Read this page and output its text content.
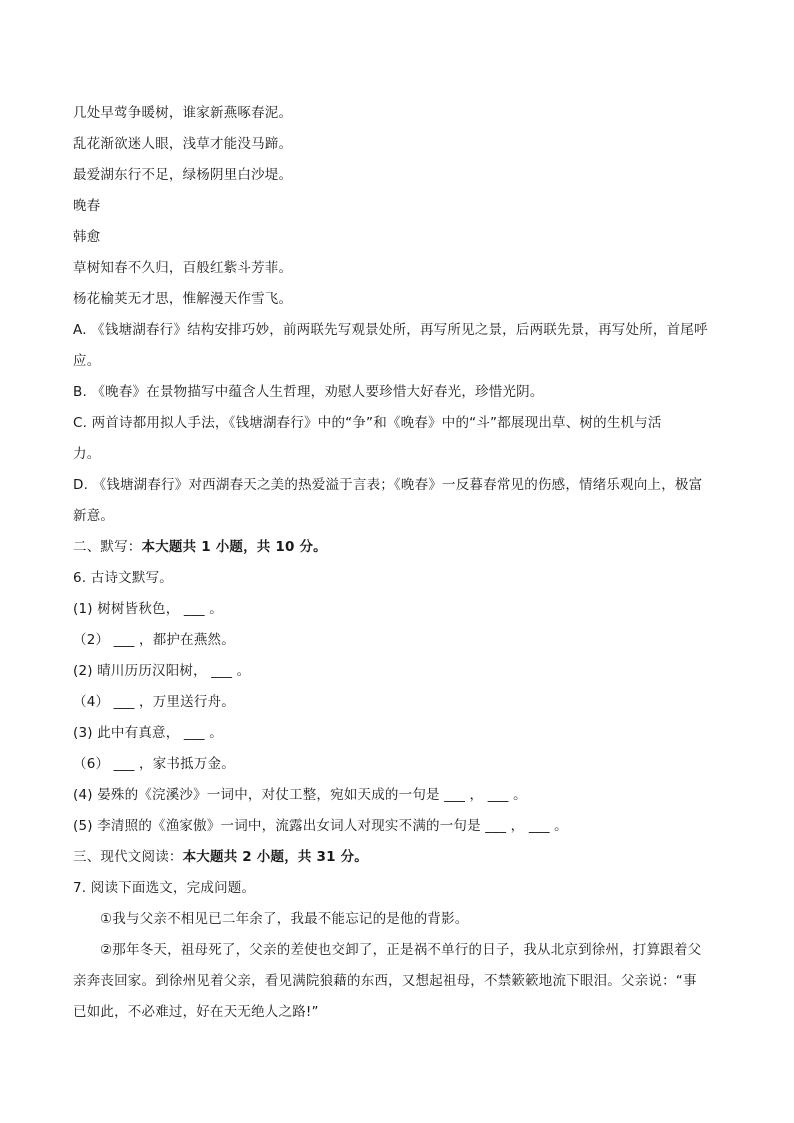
几处早莺争暖树，谁家新燕啄春泥。
乱花渐欲迷人眼，浅草才能没马蹄。
最爱湖东行不足，绿杨阴里白沙堤。
晚春
韩愈
草树知春不久归，百般红紫斗芳菲。
杨花榆荚无才思，惟解漫天作雪飞。
A. 《钱塘湖春行》结构安排巧妙，前两联先写观景处所，再写所见之景，后两联先景，再写处所，首尾呼
应。
B. 《晚春》在景物描写中蕴含人生哲理，劝慰人要珍惜大好春光，珍惜光阴。
C. 两首诗都用拟人手法，《钱塘湖春行》中的“争”和《晚春》中的“斗”都展现出草、树的生机与活
力。
D. 《钱塘湖春行》对西湖春天之美的热爱溢于言表；《晚春》一反暮春常见的伤感，情绪乐观向上，极富
新意。
二、默写：本大题共 1 小题，共 10 分。
6. 古诗文默写。
(1) 树树皆秋色， ___ 。
（2） ___ ，都护在燕然。
(2) 晴川历历汉阳树， ___ 。
（4） ___ ，万里送行舟。
(3) 此中有真意， ___ 。
（6） ___ ，家书抵万金。
(4) 晏殊的《浣溪沙》一词中，对仗工整，宛如天成的一句是 ___ ， ___ 。
(5) 李清照的《渔家傲》一词中，流露出女词人对现实不满的一句是 ___ ， ___ 。
三、现代文阅读：本大题共 2 小题，共 31 分。
7. 阅读下面选文，完成问题。
①我与父亲不相见已二年余了，我最不能忘记的是他的背影。
②那年冬天，祖母死了，父亲的差使也交卸了，正是祸不单行的日子，我从北京到徐州，打算跟着父
亲奔丧回家。到徐州见着父亲，看见满院狼藉的东西，又想起祖母，不禁簌簌地流下眼泪。父亲说：“事
已如此，不必难过，好在天无绝人之路!”
